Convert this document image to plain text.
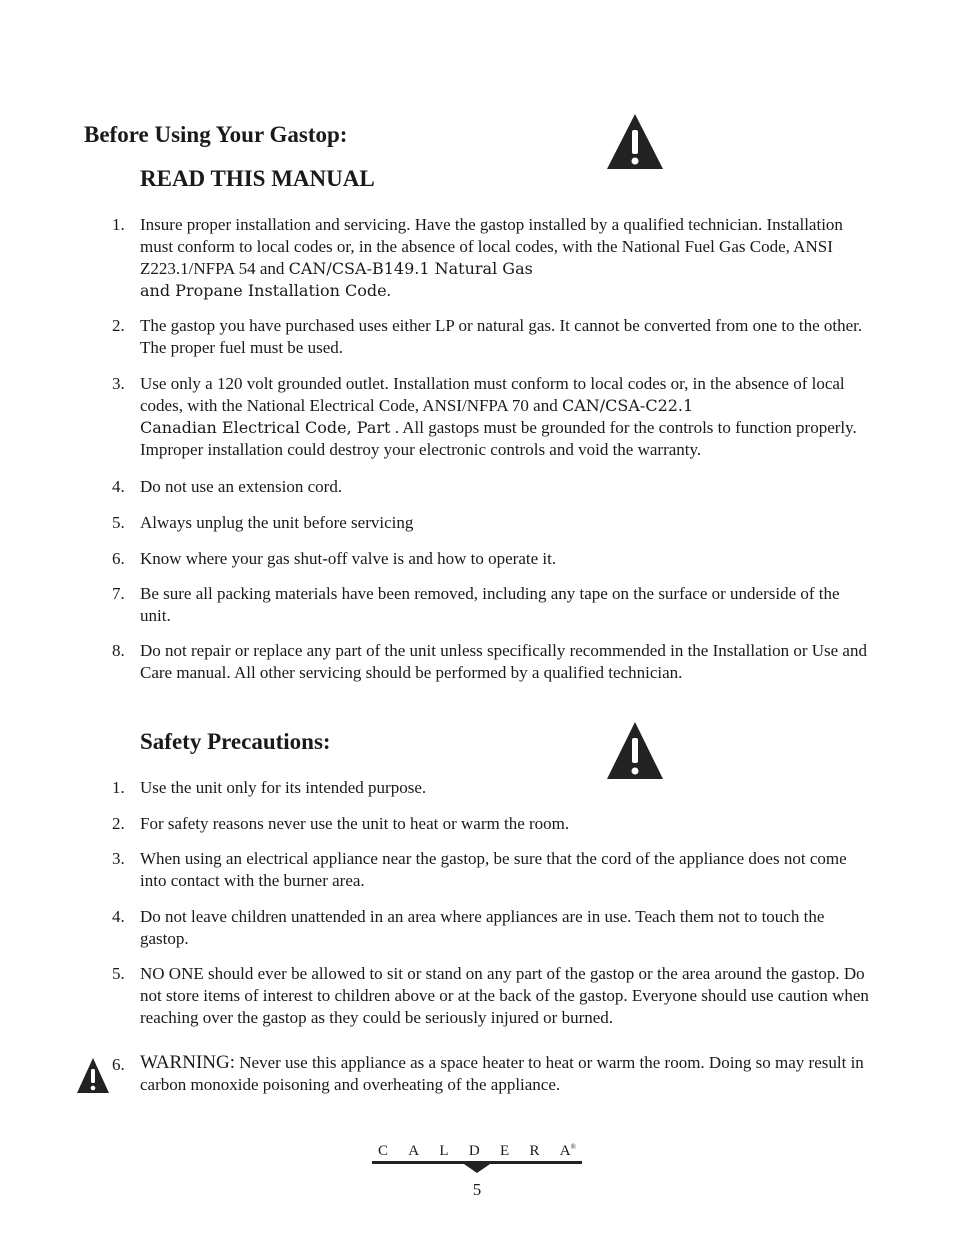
Before Using Your Gastop:
READ THIS MANUAL
1. Insure proper installation and servicing. Have the gastop installed by a qualified technician. Installation must conform to local codes or, in the absence of local codes, with the National Fuel Gas Code, ANSI Z223.1/NFPA 54 and CAN/CSA-B149.1 Natural Gas
and Propane Installation Code.
2. The gastop you have purchased uses either LP or natural gas. It cannot be converted from one to the other. The proper fuel must be used.
3. Use only a 120 volt grounded outlet. Installation must conform to local codes or, in the absence of local codes, with the National Electrical Code, ANSI/NFPA 70 and CAN/CSA-C22.1
Canadian Electrical Code, Part . All gastops must be grounded for the controls to function properly. Improper installation could destroy your electronic controls and void the warranty.
4. Do not use an extension cord.
5. Always unplug the unit before servicing
6. Know where your gas shut-off valve is and how to operate it.
7. Be sure all packing materials have been removed, including any tape on the surface or underside of the unit.
8. Do not repair or replace any part of the unit unless specifically recommended in the Installation or Use and Care manual. All other servicing should be performed by a qualified technician.
Safety Precautions:
1. Use the unit only for its intended purpose.
2. For safety reasons never use the unit to heat or warm the room.
3. When using an electrical appliance near the gastop, be sure that the cord of the appliance does not come into contact with the burner area.
4. Do not leave children unattended in an area where appliances are in use. Teach them not to touch the gastop.
5. NO ONE should ever be allowed to sit or stand on any part of the gastop or the area around the gastop. Do not store items of interest to children above or at the back of the gastop. Everyone should use caution when reaching over the gastop as they could be seriously injured or burned.
6. WARNING: Never use this appliance as a space heater to heat or warm the room. Doing so may result in carbon monoxide poisoning and overheating of the appliance.
C A L D E R A®
5
